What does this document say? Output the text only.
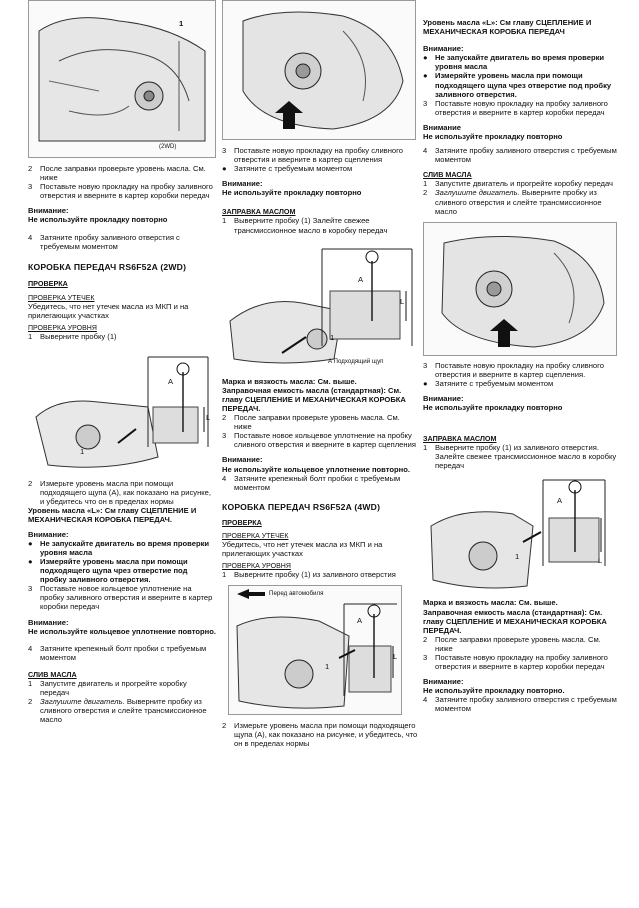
1
(2WD)
2	После заправки проверьте уровень масла. См. ниже
3	Поставьте новую прокладку на пробку заливного отверстия и вверните в картер коробки передач

Внимание:

Не используйте прокладку повторно

4	Затяните пробку заливного отверстия с требуемым моментом

КОРОБКА ПЕРЕДАЧ RS6F52A (2WD)

ПРОВЕРКА

ПРОВЕРКА УТЕЧЕК

Убедитесь, что нет утечек масла из МКП и на прилегающих участках

ПРОВЕРКА УРОВНЯ

1	Выверните пробку (1)
A
L
1
2	Измерьте уровень масла при помощи подходящего щупа (А), как показано на рисунке, и убедитесь что он в пределах нормы

Уровень масла «L»: См главу СЦЕПЛЕНИЕ И МЕХАНИЧЕСКАЯ КОРОБКА ПЕРЕДАЧ.

Внимание:

● Не запускайте двигатель во время проверки уровня масла
● Измеряйте уровень масла при помощи подходящего щупа чрез отверстие под пробку заливного отверстия.
3	Поставьте новое кольцевое уплотнение на пробку заливного отверстия и вверните в картер коробки передач

Внимание:

Не используйте кольцевое уплотнение повторно.

4	Затяните крепежный болт пробки с требуемым моментом

СЛИВ МАСЛА

1	Запустите двигатель и прогрейте коробку передач
2	Заглушите двигатель. Выверните пробку из сливного отверстия и слейте трансмиссионное масло
3	Поставьте новую прокладку на пробку сливного отверстия и вверните в картер сцепления
● Затяните с требуемым моментом

Внимание:

Не используйте прокладку повторно

ЗАПРАВКА МАСЛОМ

1	Выверните пробку (1) Залейте свежее трансмиссионное масло в коробку передач
A
L
1
A Подходящий щуп

Марка и вязкость масла: См. выше.

Заправочная емкость масла (стандартная): См. главу СЦЕПЛЕНИЕ И МЕХАНИЧЕСКАЯ КОРОБКА ПЕРЕДАЧ.

2	После заправки проверьте уровень масла. См. ниже
3	Поставьте новое кольцевое уплотнение на пробку сливного отверстия и вверните в картер сцепления

Внимание:

Не используйте кольцевое уплотнение повторно.

4	Затяните крепежный болт пробки с требуемым моментом

КОРОБКА ПЕРЕДАЧ RS6F52A (4WD)

ПРОВЕРКА

ПРОВЕРКА УТЕЧЕК

Убедитесь, что нет утечек масла из МКП и на прилегающих участках

ПРОВЕРКА УРОВНЯ

1	Выверните пробку (1) из заливного отверстия
Перед автомобиля
A
L
1
2	Измерьте уровень масла при помощи подходящего щупа (А), как показано на рисунке, и убедитесь, что он в пределах нормы

Уровень масла «L»: См главу СЦЕПЛЕНИЕ И МЕХАНИЧЕСКАЯ КОРОБКА ПЕРЕДАЧ

Внимание:

● Не запускайте двигатель во время проверки уровня масла
● Измеряйте уровень масла при помощи подходящего щупа чрез отверстие под пробку заливного отверстия.
3	Поставьте новую прокладку на пробку заливного отверстия и вверните в картер коробки передач

Внимание

Не используйте прокладку повторно

4	Затяните пробку заливного отверстия с требуемым моментом

СЛИВ МАСЛА

1	Запустите двигатель и прогрейте коробку передач
2	Заглушите двигатель. Выверните пробку из сливного отверстия и слейте трансмиссионное масло
3	Поставьте новую прокладку на пробку сливного отверстия и вверните в картер сцепления.
● Затяните с требуемым моментом

Внимание:

Не используйте прокладку повторно

ЗАПРАВКА МАСЛОМ

1	Выверните пробку (1) из заливного отверстия. Залейте свежее трансмиссионное масло в коробку передач
A
L
1

Марка и вязкость масла: См. выше.

Заправочная емкость масла (стандартная): См. главу СЦЕПЛЕНИЕ И МЕХАНИЧЕСКАЯ КОРОБКА ПЕРЕДАЧ.

2	После заправки проверьте уровень масла. См. ниже
3	Поставьте новую прокладку на пробку заливного отверстия и вверните в картер коробки передач

Внимание:

Не используйте прокладку повторно.

4	Затяните пробку заливного отверстия с требуемым моментом
